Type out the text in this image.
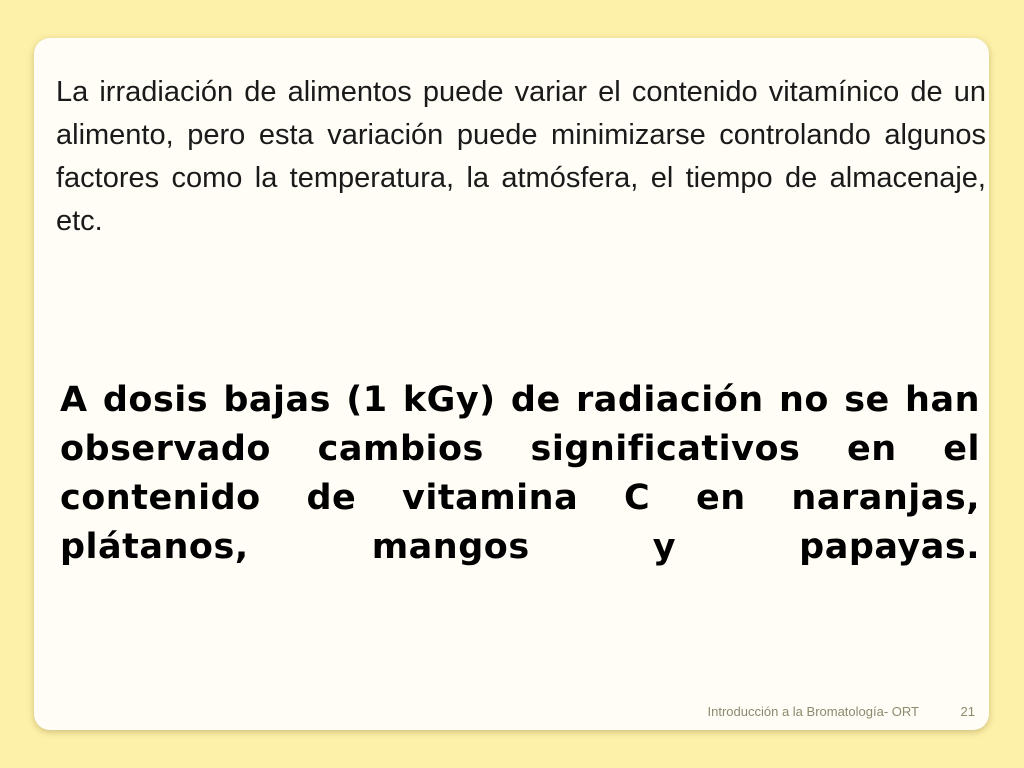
La irradiación de alimentos puede variar el contenido vitamínico de un alimento, pero esta variación puede minimizarse controlando algunos factores como la temperatura, la atmósfera, el tiempo de almacenaje, etc.

A dosis bajas (1 kGy) de radiación no se han observado cambios significativos en el contenido de vitamina C en naranjas, plátanos, mangos y papayas.

Introducción a la Bromatología- ORT	21
